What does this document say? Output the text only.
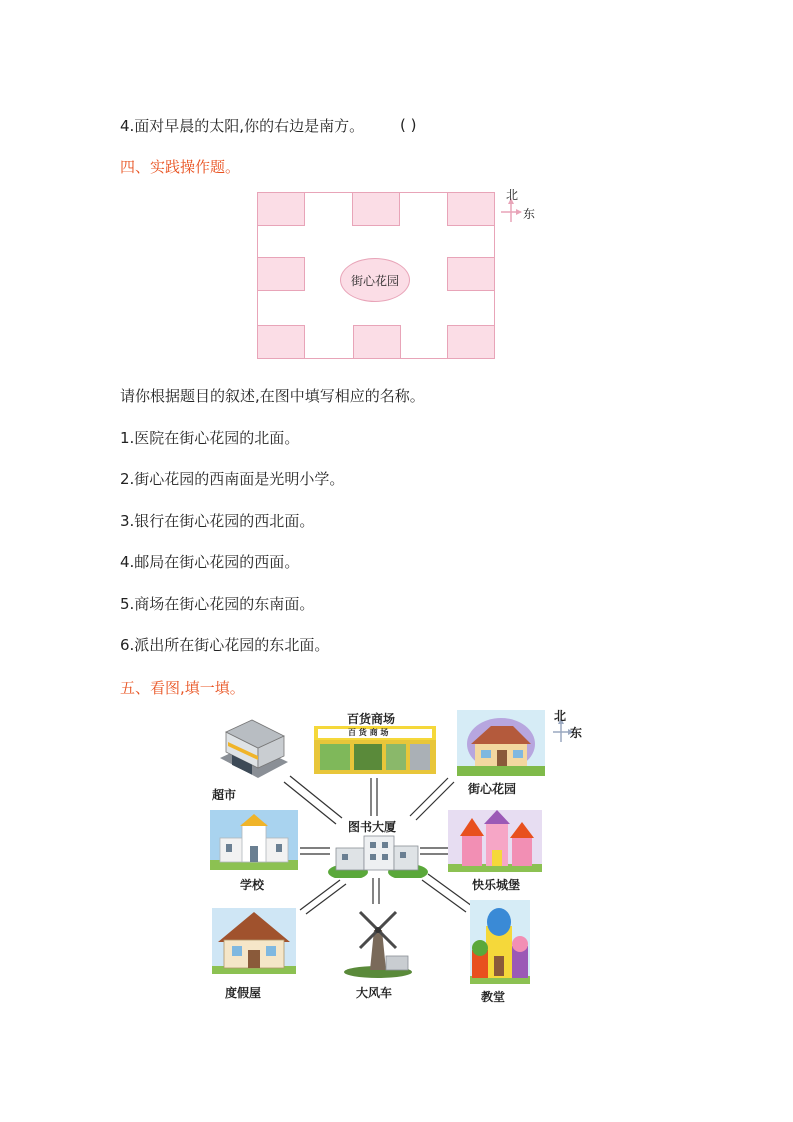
4.面对早晨的太阳,你的右边是南方。 ( )
四、实践操作题。
街心花园
北
东
请你根据题目的叙述,在图中填写相应的名称。
1.医院在街心花园的北面。
2.街心花园的西南面是光明小学。
3.银行在街心花园的西北面。
4.邮局在街心花园的西面。
5.商场在街心花园的东南面。
6.派出所在街心花园的东北面。
五、看图,填一填。
超市
百货商场
百 货 商 场
街心花园
北
东
图书大厦
学校	快乐城堡
度假屋	大风车	教堂
